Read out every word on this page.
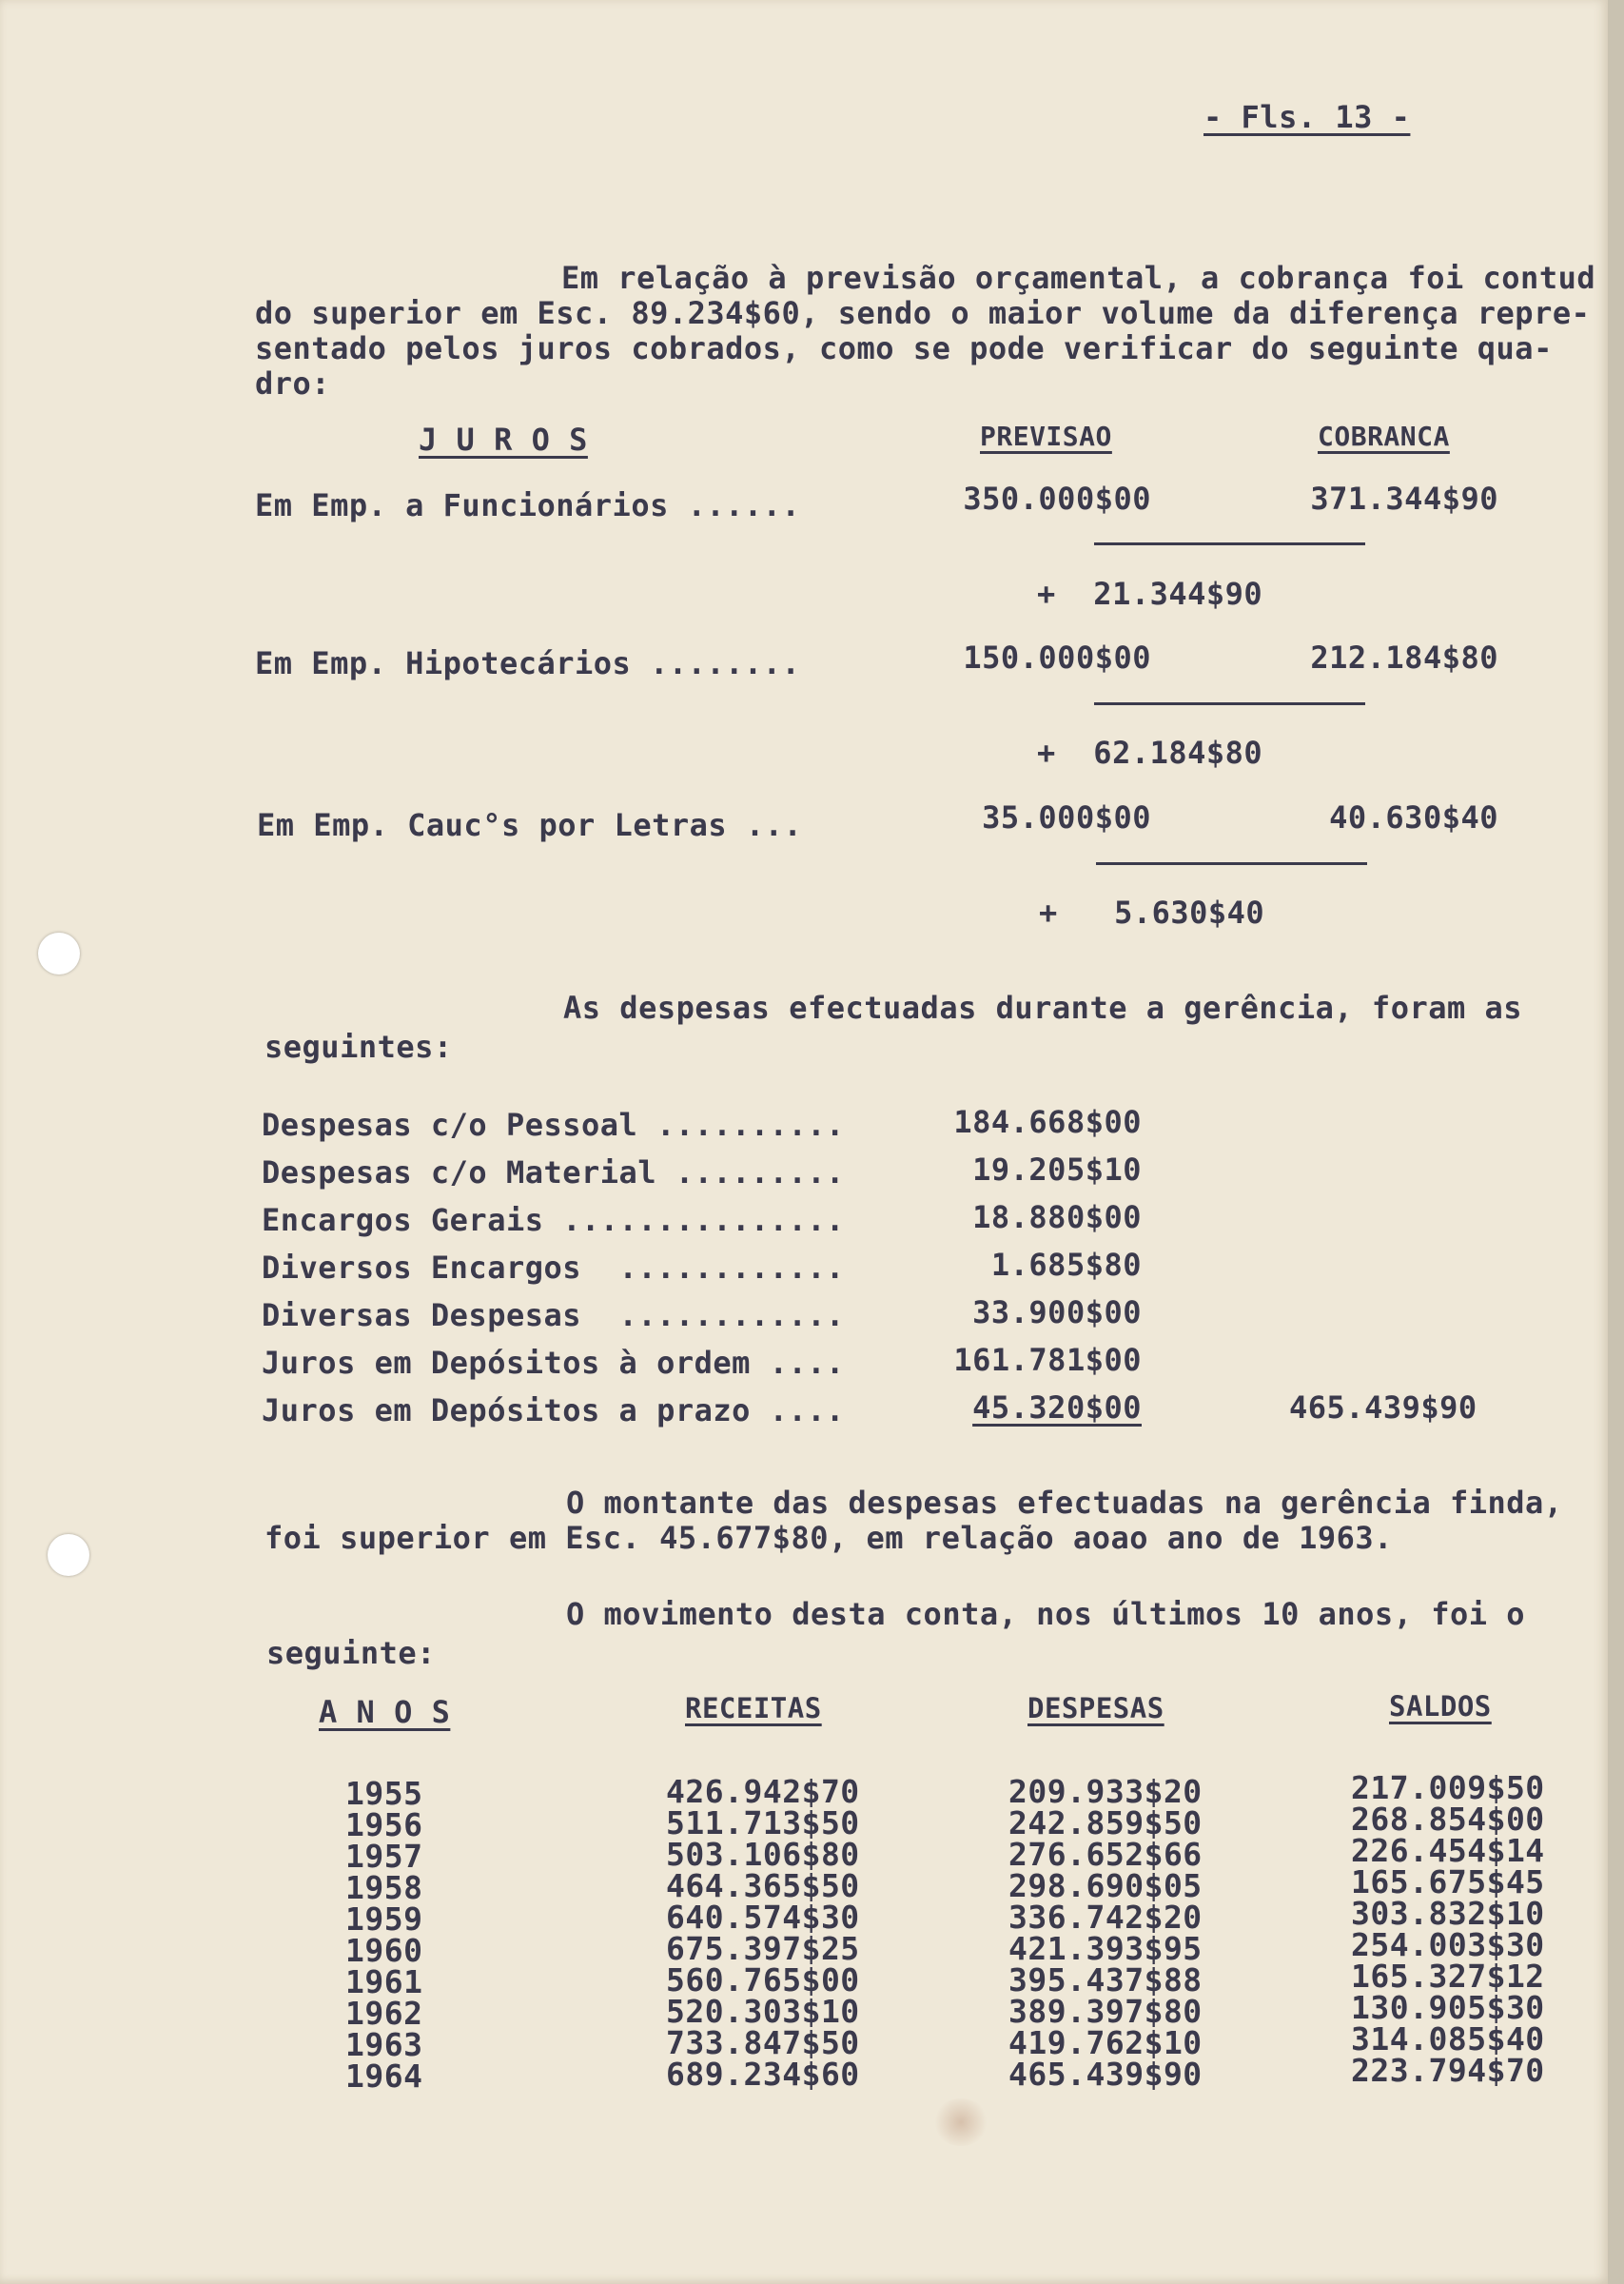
- Fls. 13 -
Em relação à previsão orçamental, a cobrança foi contud
do superior em Esc. 89.234$60, sendo o maior volume da diferença repre-
sentado pelos juros cobrados, como se pode verificar do seguinte qua-
dro:
J U R O S	PREVISAO	COBRANCA
Em Emp. a Funcionários ......	350.000$00	371.344$90
+  21.344$90
Em Emp. Hipotecários ........	150.000$00	212.184$80
+  62.184$80
Em Emp. Cauc°s por Letras ...	35.000$00	40.630$40
+   5.630$40
As despesas efectuadas durante a gerência, foram as
seguintes:
Despesas c/o Pessoal ..........	184.668$00
Despesas c/o Material .........	19.205$10
Encargos Gerais ...............	18.880$00
Diversos Encargos  ............	1.685$80
Diversas Despesas  ............	33.900$00
Juros em Depósitos à ordem ....	161.781$00
Juros em Depósitos a prazo ....	45.320$00	465.439$90
O montante das despesas efectuadas na gerência finda,
foi superior em Esc. 45.677$80, em relação aoao ano de 1963.
O movimento desta conta, nos últimos 10 anos, foi o
seguinte:
A N O S	RECEITAS	DESPESAS	SALDOS
1955	426.942$70	209.933$20	217.009$50
1956	511.713$50	242.859$50	268.854$00
1957	503.106$80	276.652$66	226.454$14
1958	464.365$50	298.690$05	165.675$45
1959	640.574$30	336.742$20	303.832$10
1960	675.397$25	421.393$95	254.003$30
1961	560.765$00	395.437$88	165.327$12
1962	520.303$10	389.397$80	130.905$30
1963	733.847$50	419.762$10	314.085$40
1964	689.234$60	465.439$90	223.794$70
